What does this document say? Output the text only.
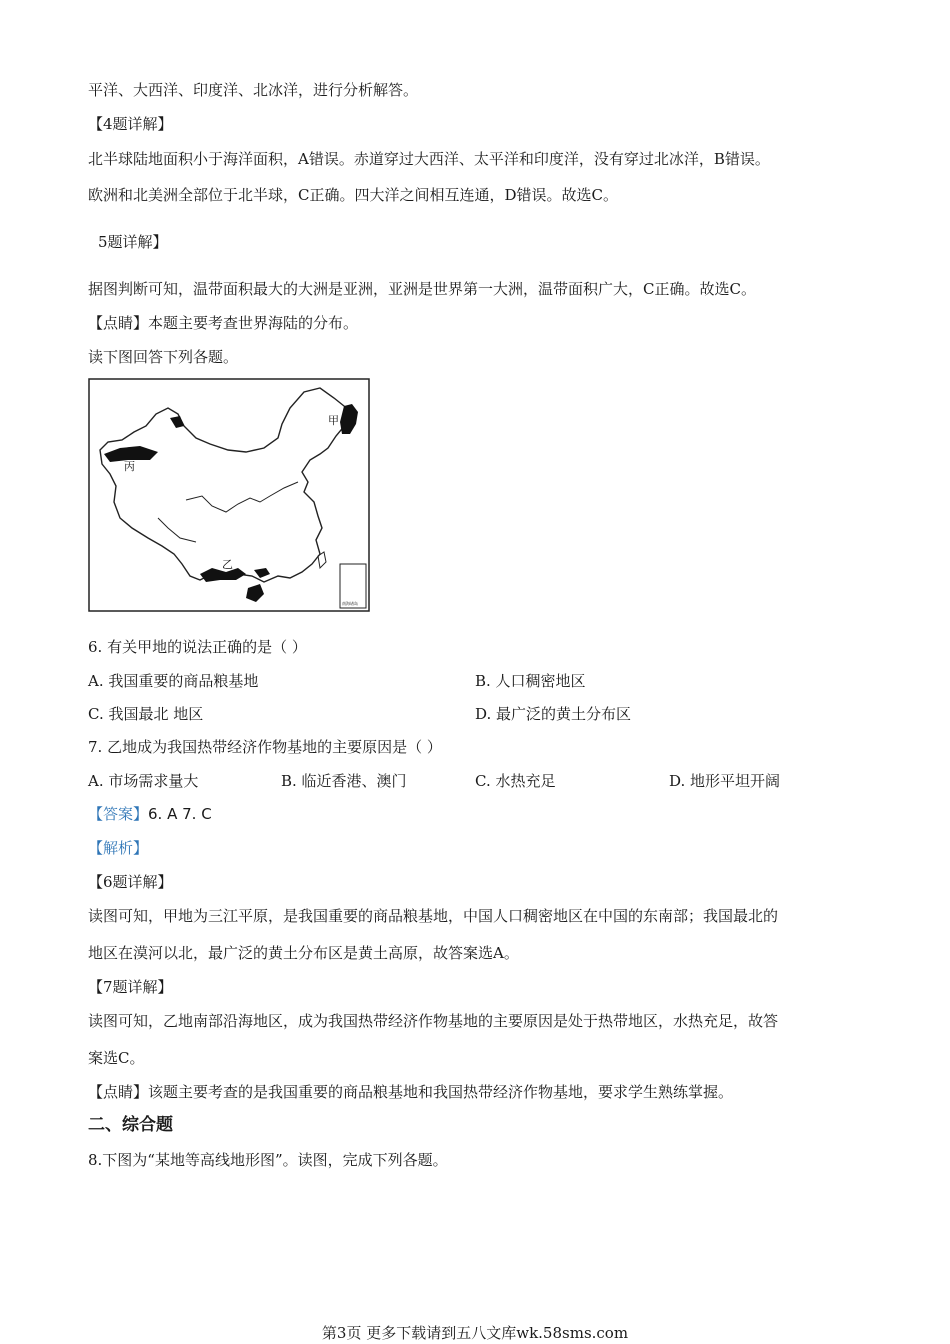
平洋、大西洋、印度洋、北冰洋，进行分析解答。
【4题详解】
北半球陆地面积小于海洋面积，A错误。赤道穿过大西洋、太平洋和印度洋，没有穿过北冰洋，B错误。
欧洲和北美洲全部位于北半球，C正确。四大洋之间相互连通，D错误。故选C。
5题详解】
据图判断可知，温带面积最大的大洲是亚洲，亚洲是世界第一大洲，温带面积广大，C正确。故选C。
【点睛】本题主要考查世界海陆的分布。
读下图回答下列各题。
甲
丙
乙
南海诸岛
6. 有关甲地的说法正确的是（ ）
A. 我国重要的商品粮基地	B. 人口稠密地区
C. 我国最北 地区	D. 最广泛的黄土分布区
7. 乙地成为我国热带经济作物基地的主要原因是（ ）
A. 市场需求量大	B. 临近香港、澳门	C. 水热充足	D. 地形平坦开阔
【答案】6. A 7. C
【解析】
【6题详解】
读图可知，甲地为三江平原，是我国重要的商品粮基地，中国人口稠密地区在中国的东南部；我国最北的
地区在漠河以北，最广泛的黄土分布区是黄土高原，故答案选A。
【7题详解】
读图可知，乙地南部沿海地区，成为我国热带经济作物基地的主要原因是处于热带地区，水热充足，故答
案选C。
【点睛】该题主要考查的是我国重要的商品粮基地和我国热带经济作物基地，要求学生熟练掌握。
二、综合题
8.下图为“某地等高线地形图”。读图，完成下列各题。
第3页 更多下载请到五八文库wk.58sms.com
